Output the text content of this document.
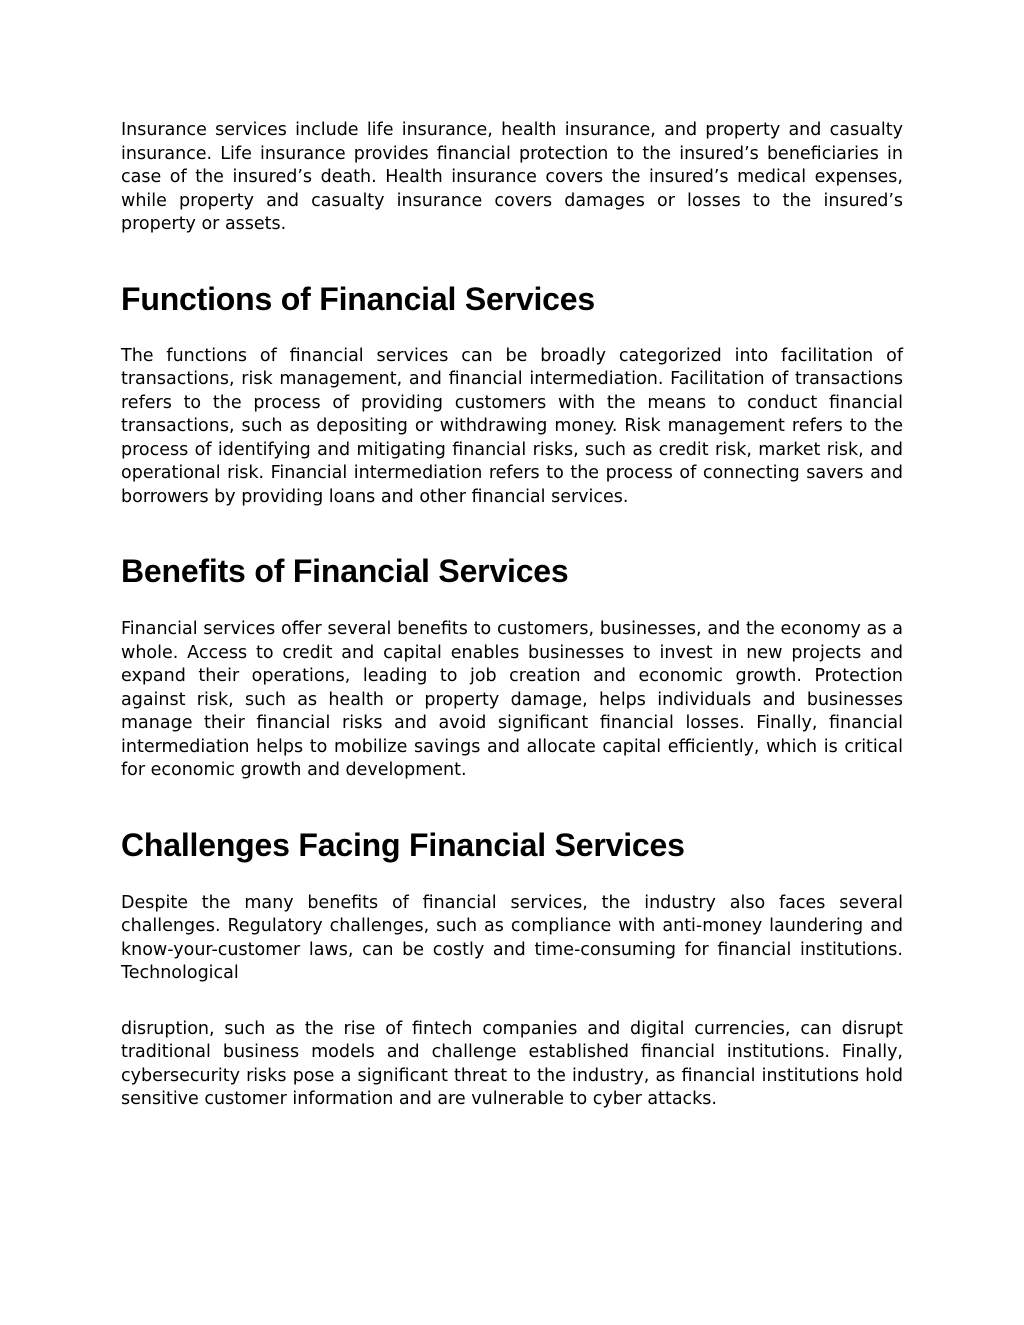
Insurance services include life insurance, health insurance, and property and casualty insurance. Life insurance provides financial protection to the insured’s beneficiaries in case of the insured’s death. Health insurance covers the insured’s medical expenses, while property and casualty insurance covers damages or losses to the insured’s property or assets.

Functions of Financial Services

The functions of financial services can be broadly categorized into facilitation of transactions, risk management, and financial intermediation. Facilitation of transactions refers to the process of providing customers with the means to conduct financial transactions, such as depositing or withdrawing money. Risk management refers to the process of identifying and mitigating financial risks, such as credit risk, market risk, and operational risk. Financial intermediation refers to the process of connecting savers and borrowers by providing loans and other financial services.

Benefits of Financial Services

Financial services offer several benefits to customers, businesses, and the economy as a whole. Access to credit and capital enables businesses to invest in new projects and expand their operations, leading to job creation and economic growth. Protection against risk, such as health or property damage, helps individuals and businesses manage their financial risks and avoid significant financial losses. Finally, financial intermediation helps to mobilize savings and allocate capital efficiently, which is critical for economic growth and development.

Challenges Facing Financial Services

Despite the many benefits of financial services, the industry also faces several challenges. Regulatory challenges, such as compliance with anti-money laundering and know-your-customer laws, can be costly and time-consuming for financial institutions. Technological

disruption, such as the rise of fintech companies and digital currencies, can disrupt traditional business models and challenge established financial institutions. Finally, cybersecurity risks pose a significant threat to the industry, as financial institutions hold sensitive customer information and are vulnerable to cyber attacks.
